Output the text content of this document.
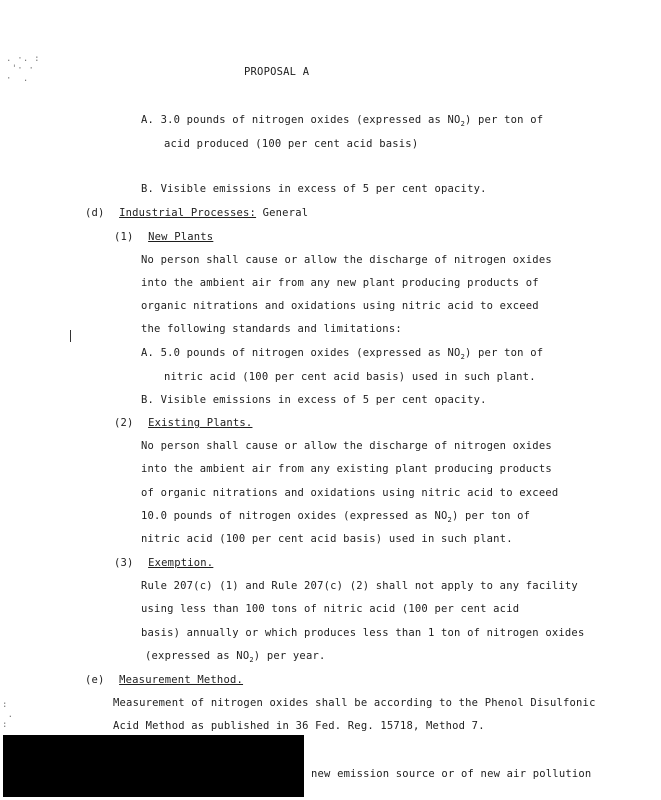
. ·. :
'· ·
·  .
:
.
:
PROPOSAL A
A. 3.0 pounds of nitrogen oxides (expressed as $NO_2$) per ton of
acid produced (100 per cent acid basis)
B. Visible emissions in excess of 5 per cent opacity.
(d) Industrial Processes: General
(1) New Plants
No person shall cause or allow the discharge of nitrogen oxides
into the ambient air from any new plant producing products of
organic nitrations and oxidations using nitric acid to exceed
the following standards and limitations:
A. 5.0 pounds of nitrogen oxides (expressed as $NO_2$) per ton of
nitric acid (100 per cent acid basis) used in such plant.
B. Visible emissions in excess of 5 per cent opacity.
(2) Existing Plants.
No person shall cause or allow the discharge of nitrogen oxides
into the ambient air from any existing plant producing products
of organic nitrations and oxidations using nitric acid to exceed
10.0 pounds of nitrogen oxides (expressed as $NO_2$) per ton of
nitric acid (100 per cent acid basis) used in such plant.
(3) Exemption.
Rule 207(c) (1) and Rule 207(c) (2) shall not apply to any facility
using less than 100 tons of nitric acid (100 per cent acid
basis) annually or which produces less than 1 ton of nitrogen oxides
(expressed as $NO_2$) per year.
(e) Measurement Method.
Measurement of nitrogen oxides shall be according to the Phenol Disulfonic
Acid Method as published in 36 Fed. Reg. 15718, Method 7.
new emission source or of new air pollution
